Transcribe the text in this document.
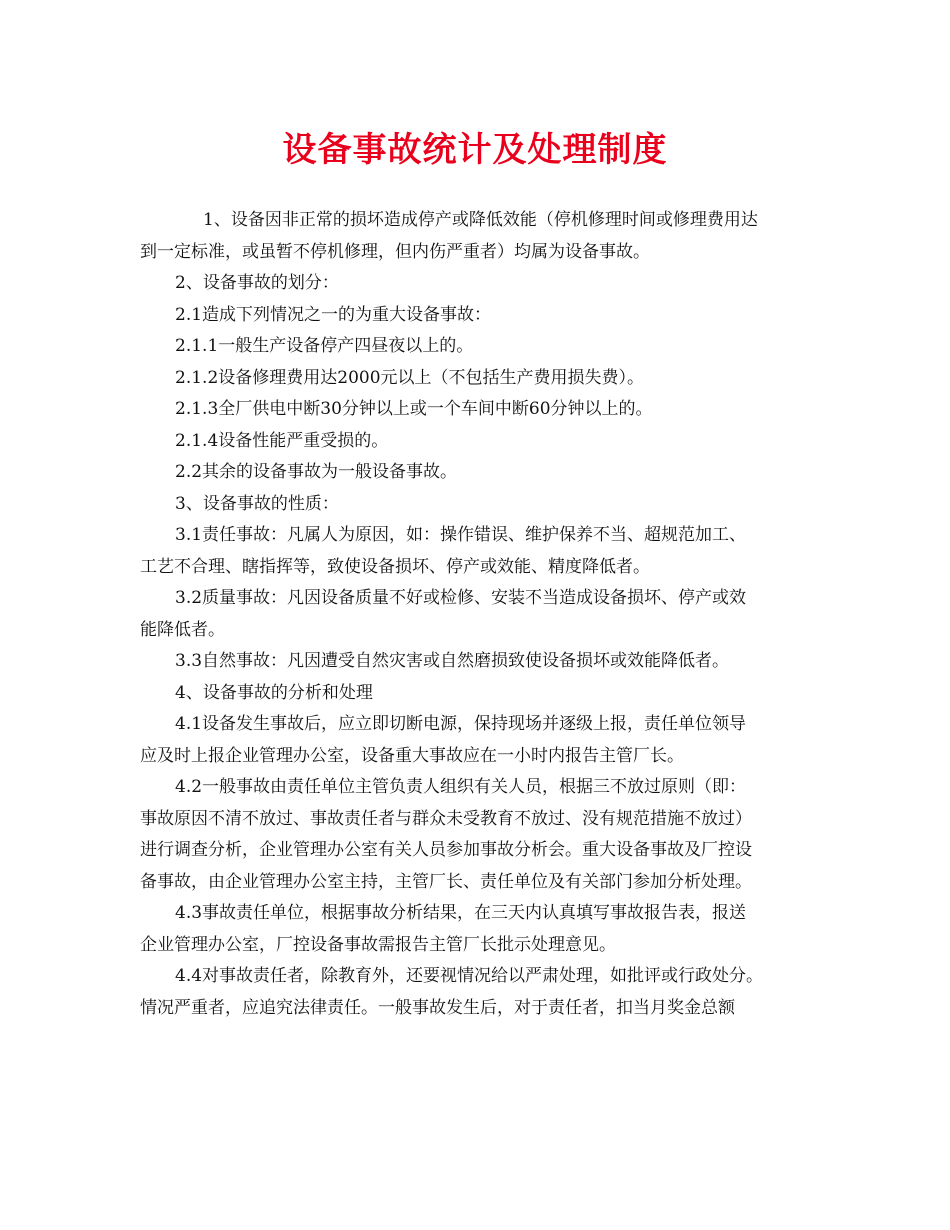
设备事故统计及处理制度
1、设备因非正常的损坏造成停产或降低效能（停机修理时间或修理费用达
到一定标准，或虽暂不停机修理，但内伤严重者）均属为设备事故。
2、设备事故的划分：
2.1造成下列情况之一的为重大设备事故：
2.1.1一般生产设备停产四昼夜以上的。
2.1.2设备修理费用达2000元以上（不包括生产费用损失费）。
2.1.3全厂供电中断30分钟以上或一个车间中断60分钟以上的。
2.1.4设备性能严重受损的。
2.2其余的设备事故为一般设备事故。
3、设备事故的性质：
3.1责任事故：凡属人为原因，如：操作错误、维护保养不当、超规范加工、
工艺不合理、瞎指挥等，致使设备损坏、停产或效能、精度降低者。
3.2质量事故：凡因设备质量不好或检修、安装不当造成设备损坏、停产或效
能降低者。
3.3自然事故：凡因遭受自然灾害或自然磨损致使设备损坏或效能降低者。
4、设备事故的分析和处理
4.1设备发生事故后，应立即切断电源，保持现场并逐级上报，责任单位领导
应及时上报企业管理办公室，设备重大事故应在一小时内报告主管厂长。
4.2一般事故由责任单位主管负责人组织有关人员，根据三不放过原则（即：
事故原因不清不放过、事故责任者与群众未受教育不放过、没有规范措施不放过）
进行调查分析，企业管理办公室有关人员参加事故分析会。重大设备事故及厂控设
备事故，由企业管理办公室主持，主管厂长、责任单位及有关部门参加分析处理。
4.3事故责任单位，根据事故分析结果，在三天内认真填写事故报告表，报送
企业管理办公室，厂控设备事故需报告主管厂长批示处理意见。
4.4对事故责任者，除教育外，还要视情况给以严肃处理，如批评或行政处分。
情况严重者，应追究法律责任。一般事故发生后，对于责任者，扣当月奖金总额
